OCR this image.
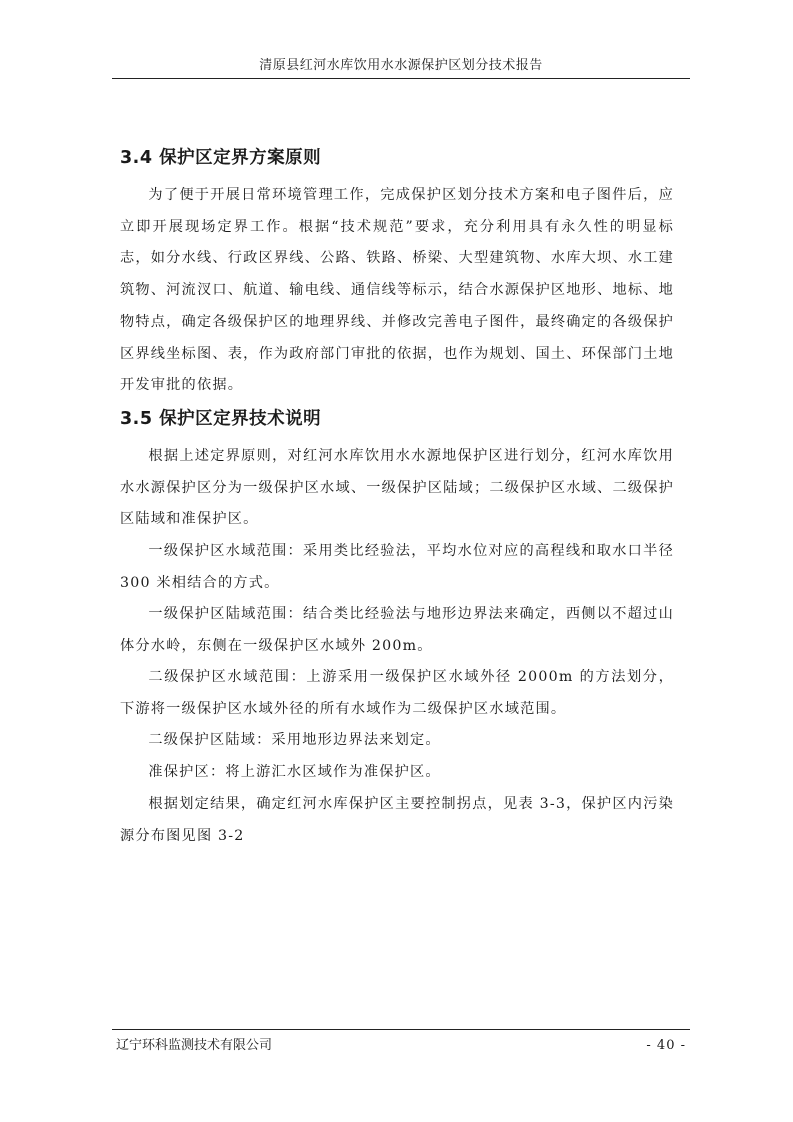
清原县红河水库饮用水水源保护区划分技术报告
3.4 保护区定界方案原则

为了便于开展日常环境管理工作，完成保护区划分技术方案和电子图件后，应立即开展现场定界工作。根据“技术规范”要求，充分利用具有永久性的明显标志，如分水线、行政区界线、公路、铁路、桥梁、大型建筑物、水库大坝、水工建筑物、河流汊口、航道、输电线、通信线等标示，结合水源保护区地形、地标、地物特点，确定各级保护区的地理界线、并修改完善电子图件，最终确定的各级保护区界线坐标图、表，作为政府部门审批的依据，也作为规划、国土、环保部门土地开发审批的依据。

3.5 保护区定界技术说明

根据上述定界原则，对红河水库饮用水水源地保护区进行划分，红河水库饮用水水源保护区分为一级保护区水域、一级保护区陆域；二级保护区水域、二级保护区陆域和准保护区。

一级保护区水域范围：采用类比经验法，平均水位对应的高程线和取水口半径 300 米相结合的方式。

一级保护区陆域范围：结合类比经验法与地形边界法来确定，西侧以不超过山体分水岭，东侧在一级保护区水域外 200m。

二级保护区水域范围：上游采用一级保护区水域外径 2000m 的方法划分，下游将一级保护区水域外径的所有水域作为二级保护区水域范围。

二级保护区陆域：采用地形边界法来划定。

准保护区：将上游汇水区域作为准保护区。

根据划定结果，确定红河水库保护区主要控制拐点，见表 3-3，保护区内污染源分布图见图 3-2

辽宁环科监测技术有限公司	- 40 -
